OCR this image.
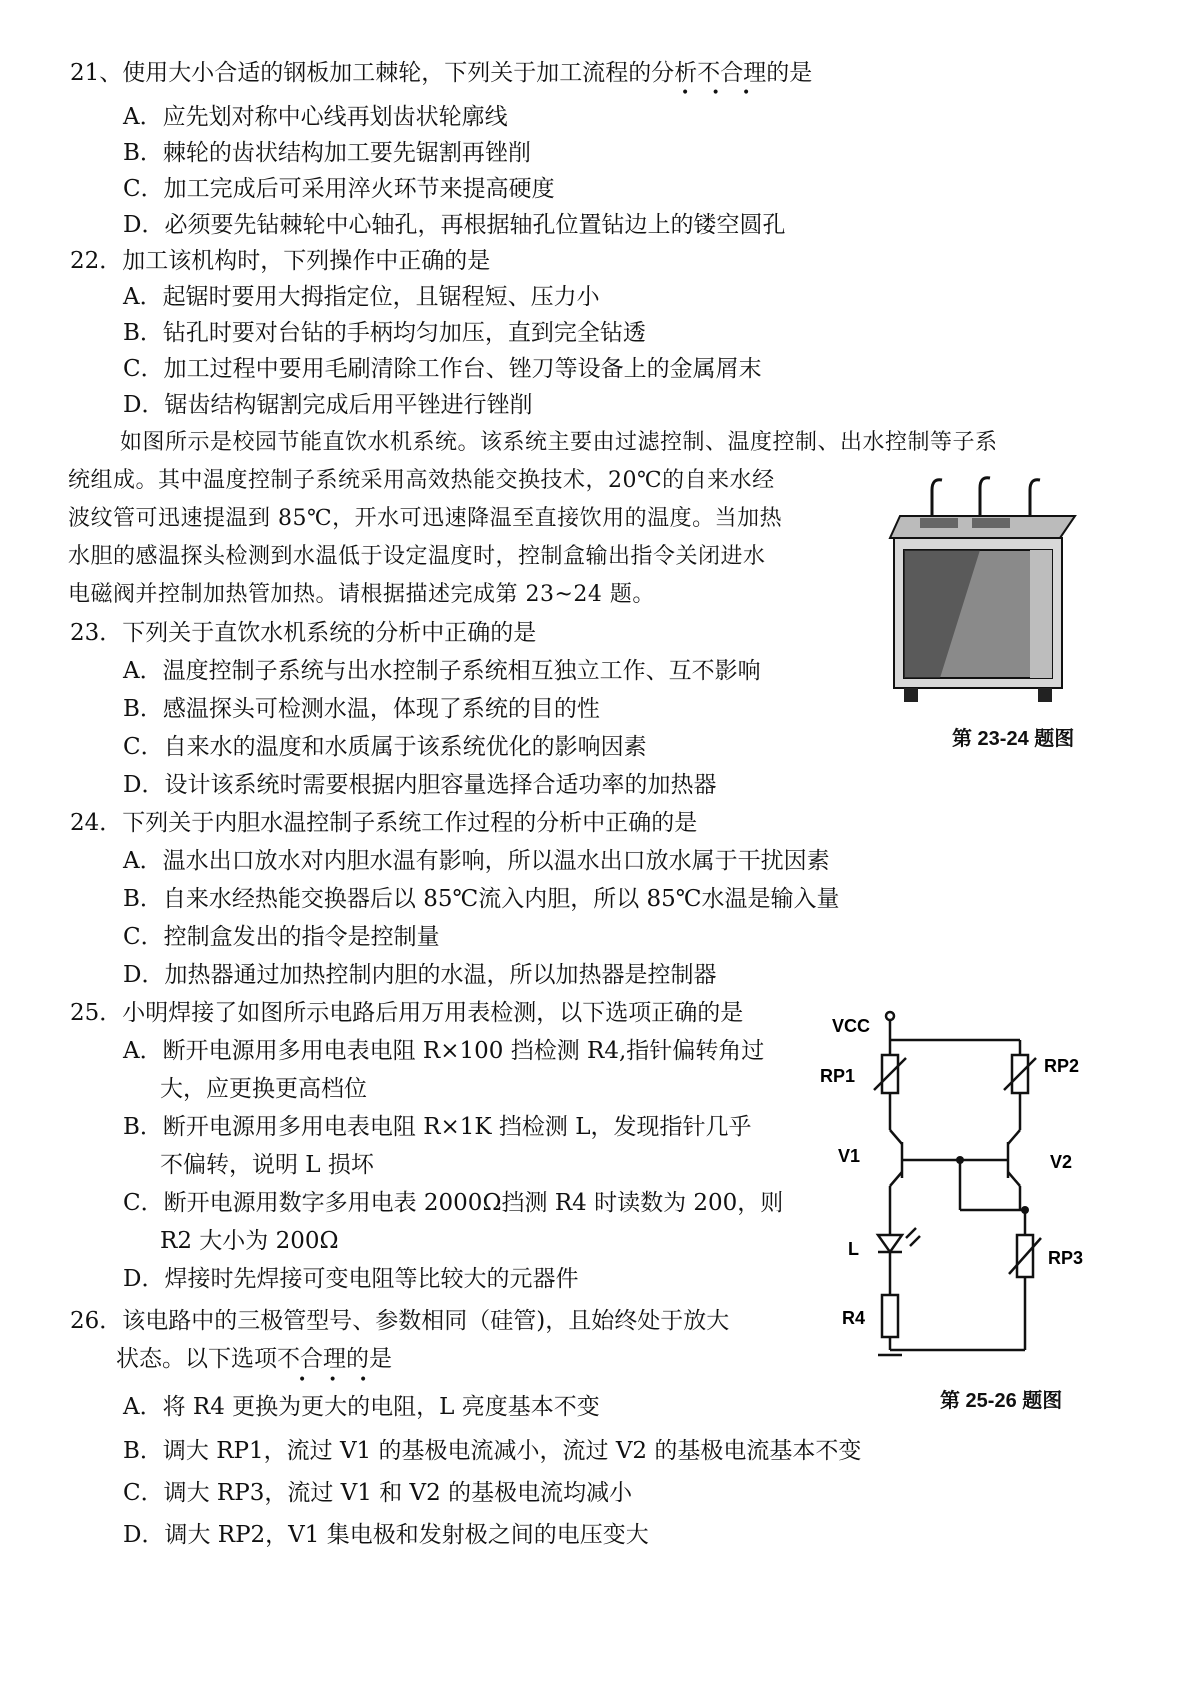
21、使用大小合适的钢板加工棘轮，下列关于加工流程的分析不合理的是
•     •     •
A．应先划对称中心线再划齿状轮廓线
B．棘轮的齿状结构加工要先锯割再锉削
C．加工完成后可采用淬火环节来提高硬度
D．必须要先钻棘轮中心轴孔，再根据轴孔位置钻边上的镂空圆孔
22．加工该机构时，下列操作中正确的是
A．起锯时要用大拇指定位，且锯程短、压力小
B．钻孔时要对台钻的手柄均匀加压，直到完全钻透
C．加工过程中要用毛刷清除工作台、锉刀等设备上的金属屑末
D．锯齿结构锯割完成后用平锉进行锉削
如图所示是校园节能直饮水机系统。该系统主要由过滤控制、温度控制、出水控制等子系
统组成。其中温度控制子系统采用高效热能交换技术，20℃的自来水经
波纹管可迅速提温到 85℃，开水可迅速降温至直接饮用的温度。当加热
水胆的感温探头检测到水温低于设定温度时，控制盒输出指令关闭进水
电磁阀并控制加热管加热。请根据描述完成第 23~24 题。
第 23-24 题图
23．下列关于直饮水机系统的分析中正确的是
A．温度控制子系统与出水控制子系统相互独立工作、互不影响
B．感温探头可检测水温，体现了系统的目的性
C．自来水的温度和水质属于该系统优化的影响因素
D．设计该系统时需要根据内胆容量选择合适功率的加热器
24．下列关于内胆水温控制子系统工作过程的分析中正确的是
A．温水出口放水对内胆水温有影响，所以温水出口放水属于干扰因素
B．自来水经热能交换器后以 85℃流入内胆，所以 85℃水温是输入量
C．控制盒发出的指令是控制量
D．加热器通过加热控制内胆的水温，所以加热器是控制器
25．小明焊接了如图所示电路后用万用表检测，以下选项正确的是
A．断开电源用多用电表电阻 R×100 挡检测 R4,指针偏转角过
大，应更换更高档位
B．断开电源用多用电表电阻 R×1K 挡检测 L，发现指针几乎
不偏转，说明 L 损坏
C．断开电源用数字多用电表 2000Ω挡测 R4 时读数为 200，则
R2 大小为 200Ω
D．焊接时先焊接可变电阻等比较大的元器件
26．该电路中的三极管型号、参数相同（硅管)，且始终处于放大
状态。以下选项不合理的是
•     •     •
A．将 R4 更换为更大的电阻，L 亮度基本不变
B．调大 RP1，流过 V1 的基极电流减小，流过 V2 的基极电流基本不变
C．调大 RP3，流过 V1 和 V2 的基极电流均减小
D．调大 RP2，V1 集电极和发射极之间的电压变大
VCC
RP1	RP2
V1	V2
L	RP3
R4
第 25-26 题图
